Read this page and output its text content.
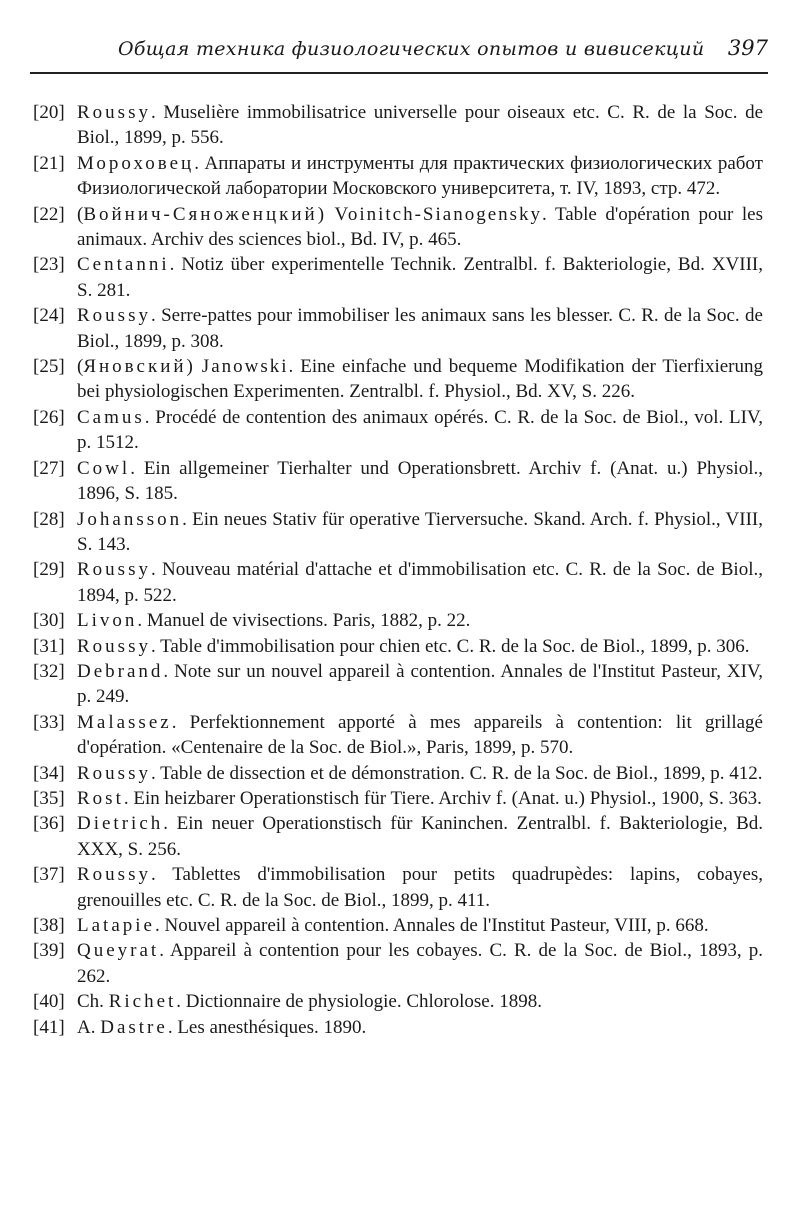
Общая техника физиологических опытов и вивисекций 397
[20] Roussy. Muselière immobilisatrice universelle pour oiseaux etc. C. R. de la Soc. de Biol., 1899, p. 556.
[21] Мороховец. Аппараты и инструменты для практических физиологических работ Физиологической лаборатории Московского университета, т. IV, 1893, стр. 472.
[22] (Войнич-Сяноженцкий) Voinitch-Sianogensky. Table d'opération pour les animaux. Archiv des sciences biol., Bd. IV, p. 465.
[23] Centanni. Notiz über experimentelle Technik. Zentralbl. f. Bakteriologie, Bd. XVIII, S. 281.
[24] Roussy. Serre-pattes pour immobiliser les animaux sans les blesser. C. R. de la Soc. de Biol., 1899, p. 308.
[25] (Яновский) Janowski. Eine einfache und bequeme Modifikation der Tierfixierung bei physiologischen Experimenten. Zentralbl. f. Physiol., Bd. XV, S. 226.
[26] Camus. Procédé de contention des animaux opérés. C. R. de la Soc. de Biol., vol. LIV, p. 1512.
[27] Cowl. Ein allgemeiner Tierhalter und Operationsbrett. Archiv f. (Anat. u.) Physiol., 1896, S. 185.
[28] Johansson. Ein neues Stativ für operative Tierversuche. Skand. Arch. f. Physiol., VIII, S. 143.
[29] Roussy. Nouveau matérial d'attache et d'immobilisation etc. C. R. de la Soc. de Biol., 1894, p. 522.
[30] Livon. Manuel de vivisections. Paris, 1882, p. 22.
[31] Roussy. Table d'immobilisation pour chien etc. C. R. de la Soc. de Biol., 1899, p. 306.
[32] Debrand. Note sur un nouvel appareil à contention. Annales de l'Institut Pasteur, XIV, p. 249.
[33] Malassez. Perfektionnement apporté à mes appareils à contention: lit grillagé d'opération. «Centenaire de la Soc. de Biol.», Paris, 1899, p. 570.
[34] Roussy. Table de dissection et de démonstration. C. R. de la Soc. de Biol., 1899, p. 412.
[35] Rost. Ein heizbarer Operationstisch für Tiere. Archiv f. (Anat. u.) Physiol., 1900, S. 363.
[36] Dietrich. Ein neuer Operationstisch für Kaninchen. Zentralbl. f. Bakteriologie, Bd. XXX, S. 256.
[37] Roussy. Tablettes d'immobilisation pour petits quadrupèdes: lapins, cobayes, grenouilles etc. C. R. de la Soc. de Biol., 1899, p. 411.
[38] Latapie. Nouvel appareil à contention. Annales de l'Institut Pasteur, VIII, p. 668.
[39] Queyrat. Appareil à contention pour les cobayes. C. R. de la Soc. de Biol., 1893, p. 262.
[40] Ch. Richet. Dictionnaire de physiologie. Chlorolose. 1898.
[41] A. Dastre. Les anesthésiques. 1890.
